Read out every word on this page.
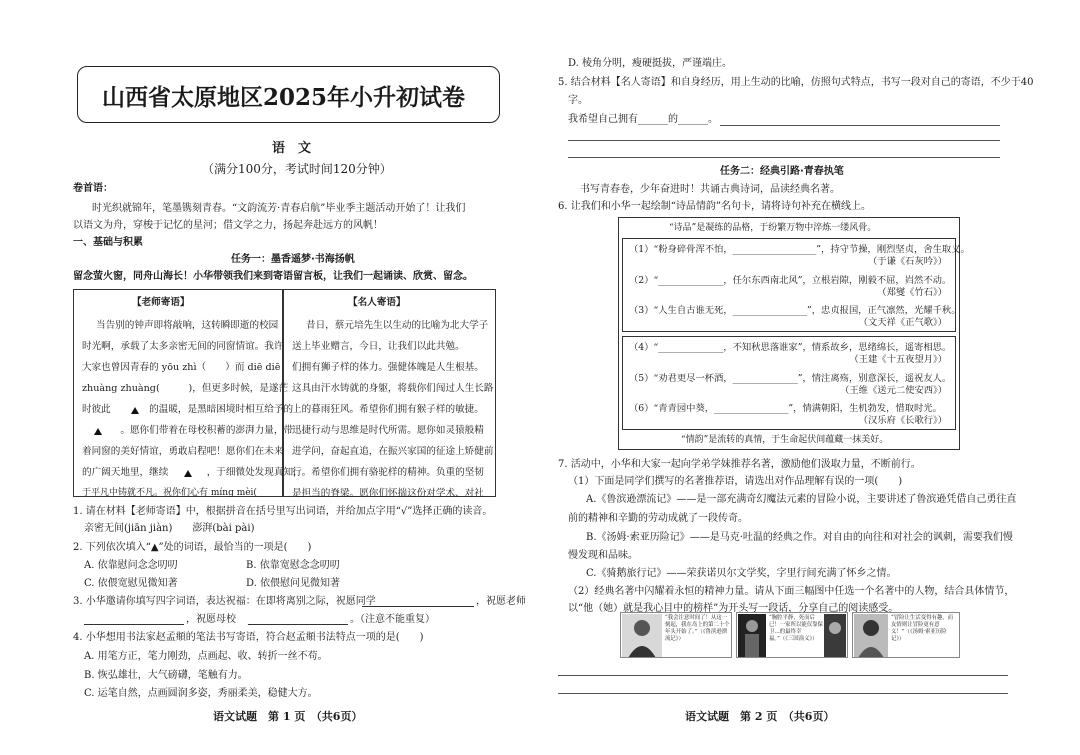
山西省太原地区2025年小升初试卷
语　文
（满分100分，考试时间120分钟）
卷首语：
时光织就锦年，笔墨镌刻青春。“文韵流芳·青春启航”毕业季主题活动开始了！让我们
以语文为舟，穿梭于记忆的星河；借文学之力，扬起奔赴远方的风帆！
一、基础与积累
任务一：墨香遥梦·书海扬帆
留念萤火窗，同舟山海长！小华带领我们来到寄语留言板，让我们一起诵读、欣赏、留念。
【老师寄语】
当告别的钟声即将敲响，这转瞬即逝的校园
时光啊，承载了太多亲密无间的同窗情谊。我许
大家也曾因青春的 yōu zhì（　　）而 diē diē
zhuàng zhuàng(　　　)，但更多时候，是遂茫
时彼此　　　　的温暖，是黑暗困境时相互给予的
　　　　。愿你们带着在母校积蓄的澎湃力量，带
着同窗的美好情谊，勇敢启程吧！愿你们在未来
的广阔天地里，继续　　　　，于细微处发现真知，
于平凡中铸就不凡。祝你们心有 míng mèi(　　
【名人寄语】
昔日，蔡元培先生以生动的比喻为北大学子
送上毕业赠言，今日，让我们以此共勉。
们拥有狮子样的体力。强健体魄是人生根基。
这具由汗水铸就的身躯，将载你们闯过人生长路
上的暮雨狂风。希望你们拥有猴子样的敏捷。
迅捷行动与思维是时代所需。愿你如灵猿般精
进学问，奋起直追，在振兴家国的征途上矫健前
行。希望你们拥有骆驼样的精神。负重的坚韧
是担当的脊梁。愿你们怀揣这份对学术、对社
1. 请在材料【老师寄语】中，根据拼音在括号里写出词语，并给加点字用“√”选择正确的读音。
亲密无间(jiān jiàn)　　澎湃(bài pài)
2. 下列依次填入“▲”处的词语，最恰当的一项是(　　)
A. 依靠慰问念念叨叨	B. 依靠宽慰念念叨叨
C. 依偎宽慰见微知著	D. 依偎慰问见微知著
3. 小华邀请你填写四字词语，表达祝福：在即将离别之际，祝愿同学	，祝愿老师
，祝愿母校	。（注意不能重复）
4. 小华想用书法家赵孟頫的笔法书写寄语，符合赵孟頫书法特点一项的是(　　)
A. 用笔方正，笔力刚劲，点画起、收、转折一丝不苟。
B. 恢弘雄壮，大气磅礴，笔触有力。
C. 运笔自然，点画圆润多姿，秀丽柔美，稳健大方。
语文试题　第 1 页　（共6页）
D. 棱角分明，瘦硬挺拔，严谨端庄。
5. 结合材料【名人寄语】和自身经历，用上生动的比喻，仿照句式特点，书写一段对自己的寄语，不少于40
字。
我希望自己拥有______的______。
任务二：经典引路·青春执笔
书写青春卷，少年奋进时！共诵古典诗词，品读经典名著。
6. 让我们和小华一起绘制“诗品情韵”名句卡，请将诗句补充在横线上。
“诗品”是凝练的品格，于纷繁万物中淬炼一缕风骨。
（1）“粉身碎骨浑不怕，__________________”，持守节操，刚烈坚贞，舍生取义。
（于谦《石灰吟》）
（2）“______________，任尔东西南北风”，立根岩隙，刚毅不屈，岿然不动。
（郑燮《竹石》）
（3）“人生自古谁无死，________________”，忠贞报国，正气凛然，光耀千秋。
（文天祥《正气歌》）
（4）“______________，不知秋思落谁家”，情系故乡，思绪绵长，遥寄相思。
（王建《十五夜望月》）
（5）“劝君更尽一杯酒，______________”，情注离殇，别意深长，遥祝友人。
（王维《送元二使安西》）
（6）“青青园中葵，________________”，情满朝阳，生机勃发，惜取时光。
（汉乐府《长歌行》）
“情韵”是流转的真情，于生命起伏间蕴藏一抹美好。
7. 活动中，小华和大家一起向学弟学妹推荐名著，激励他们汲取力量，不断前行。
（1）下面是同学们撰写的名著推荐语，请选出对作品理解有误的一项(　　)
A.《鲁滨逊漂流记》——是一部充满奇幻魔法元素的冒险小说，主要讲述了鲁滨逊凭借自己勇往直
前的精神和辛勤的劳动成就了一段传奇。
B.《汤姆·索亚历险记》——是马克·吐温的经典之作。对自由的向往和对社会的讽刺，需要我们慢
慢发现和品味。
C.《骑鹅旅行记》——荣获诺贝尔文学奖，字里行间充满了怀乡之情。
（2）经典名著中闪耀着永恒的精神力量。请从下面三幅图中任选一个名著中的人物，结合具体情节，
以“他（她）就是我心目中的榜样”为开头写一段话，分享自己的阅读感受。
“我会注意时间了！从这一刻起，我在岛上的第二十个年头开始了。”（《鲁滨逊漂流记》）
“胸腔平静，死而后已！一家所以能仅靠保卫…的最终幸福。”（《三国演义》）
“冒险让生活变得有趣，而友情则让冒险更有意义！”（《汤姆·索亚历险记》）
语文试题　第 2 页　（共6页）
